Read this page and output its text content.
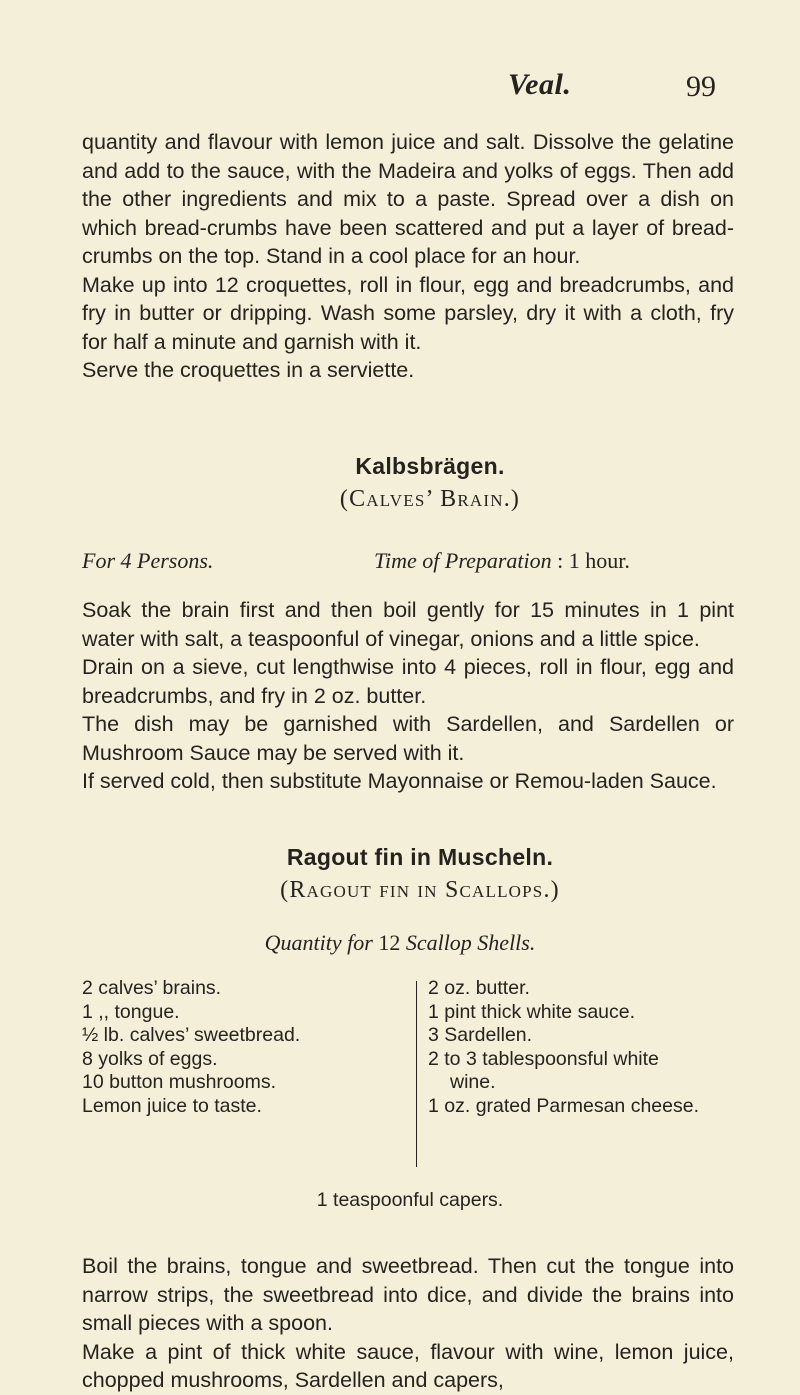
Veal.	99

quantity and flavour with lemon juice and salt. Dissolve the gelatine and add to the sauce, with the Madeira and yolks of eggs. Then add the other ingredients and mix to a paste. Spread over a dish on which bread-crumbs have been scattered and put a layer of bread-crumbs on the top. Stand in a cool place for an hour.

Make up into 12 croquettes, roll in flour, egg and breadcrumbs, and fry in butter or dripping. Wash some parsley, dry it with a cloth, fry for half a minute and garnish with it.

Serve the croquettes in a serviette.

Kalbsbrägen.
(Calves’ Brain.)
For 4 Persons.	Time of Preparation : 1 hour.

Soak the brain first and then boil gently for 15 minutes in 1 pint water with salt, a teaspoonful of vinegar, onions and a little spice.

Drain on a sieve, cut lengthwise into 4 pieces, roll in flour, egg and breadcrumbs, and fry in 2 oz. butter.

The dish may be garnished with Sardellen, and Sardellen or Mushroom Sauce may be served with it.

If served cold, then substitute Mayonnaise or Remou-laden Sauce.

Ragout fin in Muscheln.
(Ragout fin in Scallops.)
Quantity for 12 Scallop Shells.
2 calves’ brains.
1 ,, tongue.
½ lb. calves’ sweetbread.
8 yolks of eggs.
10 button mushrooms.
Lemon juice to taste.
2 oz. butter.
1 pint thick white sauce.
3 Sardellen.
2 to 3 tablespoonsful white
wine.
1 oz. grated Parmesan cheese.
1 teaspoonful capers.

Boil the brains, tongue and sweetbread. Then cut the tongue into narrow strips, the sweetbread into dice, and divide the brains into small pieces with a spoon.

Make a pint of thick white sauce, flavour with wine, lemon juice, chopped mushrooms, Sardellen and capers,
